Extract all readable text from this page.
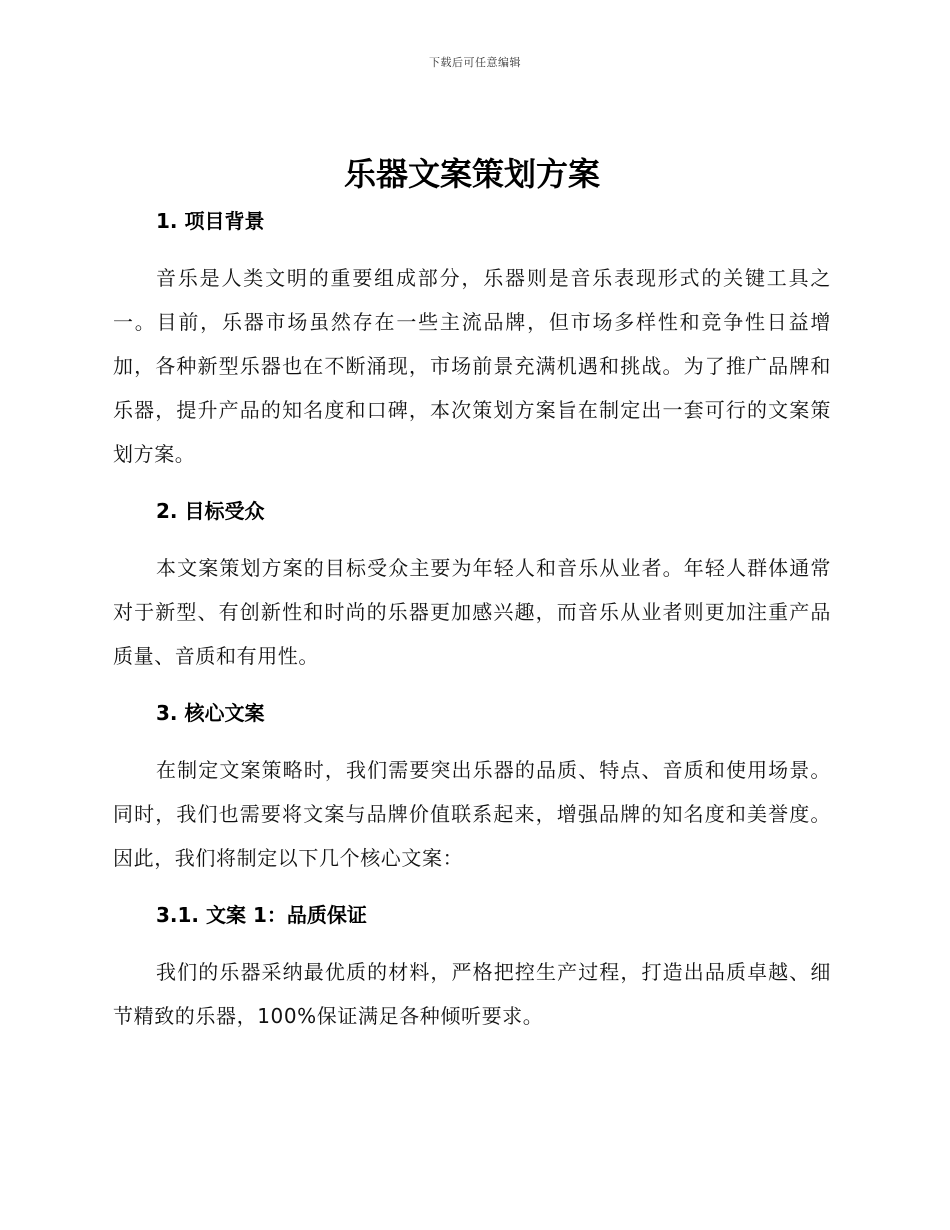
下载后可任意编辑
乐器文案策划方案
1. 项目背景

音乐是人类文明的重要组成部分，乐器则是音乐表现形式的关键工具之一。目前，乐器市场虽然存在一些主流品牌，但市场多样性和竞争性日益增加，各种新型乐器也在不断涌现，市场前景充满机遇和挑战。为了推广品牌和乐器，提升产品的知名度和口碑，本次策划方案旨在制定出一套可行的文案策划方案。

2. 目标受众

本文案策划方案的目标受众主要为年轻人和音乐从业者。年轻人群体通常对于新型、有创新性和时尚的乐器更加感兴趣，而音乐从业者则更加注重产品质量、音质和有用性。

3. 核心文案

在制定文案策略时，我们需要突出乐器的品质、特点、音质和使用场景。同时，我们也需要将文案与品牌价值联系起来，增强品牌的知名度和美誉度。因此，我们将制定以下几个核心文案：

3.1. 文案 1：品质保证

我们的乐器采纳最优质的材料，严格把控生产过程，打造出品质卓越、细节精致的乐器，100%保证满足各种倾听要求。
